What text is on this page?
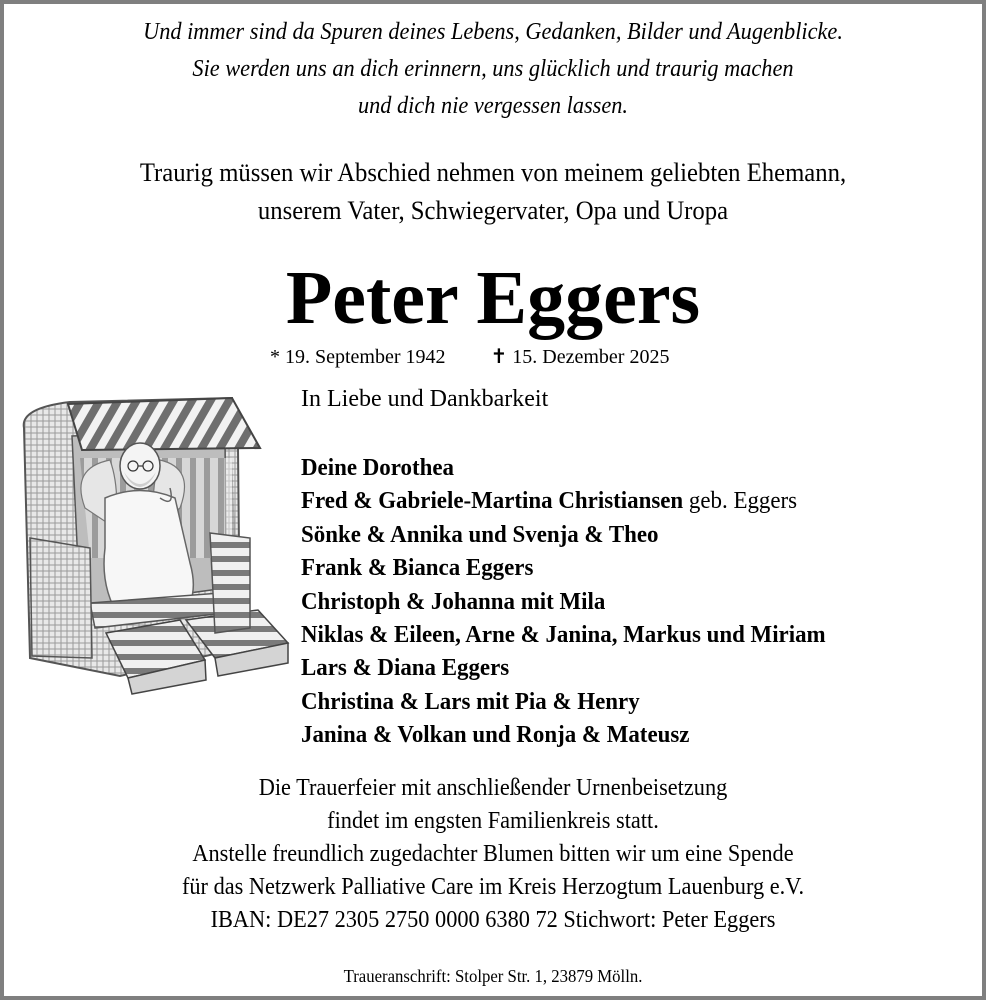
Und immer sind da Spuren deines Lebens, Gedanken, Bilder und Augenblicke.
Sie werden uns an dich erinnern, uns glücklich und traurig machen
und dich nie vergessen lassen.
Traurig müssen wir Abschied nehmen von meinem geliebten Ehemann,
unserem Vater, Schwiegervater, Opa und Uropa
Peter Eggers
* 19. September 1942 ✝ 15. Dezember 2025
In Liebe und Dankbarkeit
Deine Dorothea
Fred & Gabriele-Martina Christiansen geb. Eggers
Sönke & Annika und Svenja & Theo
Frank & Bianca Eggers
Christoph & Johanna mit Mila
Niklas & Eileen, Arne & Janina, Markus und Miriam
Lars & Diana Eggers
Christina & Lars mit Pia & Henry
Janina & Volkan und Ronja & Mateusz
Die Trauerfeier mit anschließender Urnenbeisetzung
findet im engsten Familienkreis statt.
Anstelle freundlich zugedachter Blumen bitten wir um eine Spende
für das Netzwerk Palliative Care im Kreis Herzogtum Lauenburg e.V.
IBAN: DE27 2305 2750 0000 6380 72 Stichwort: Peter Eggers
Traueranschrift: Stolper Str. 1, 23879 Mölln.
